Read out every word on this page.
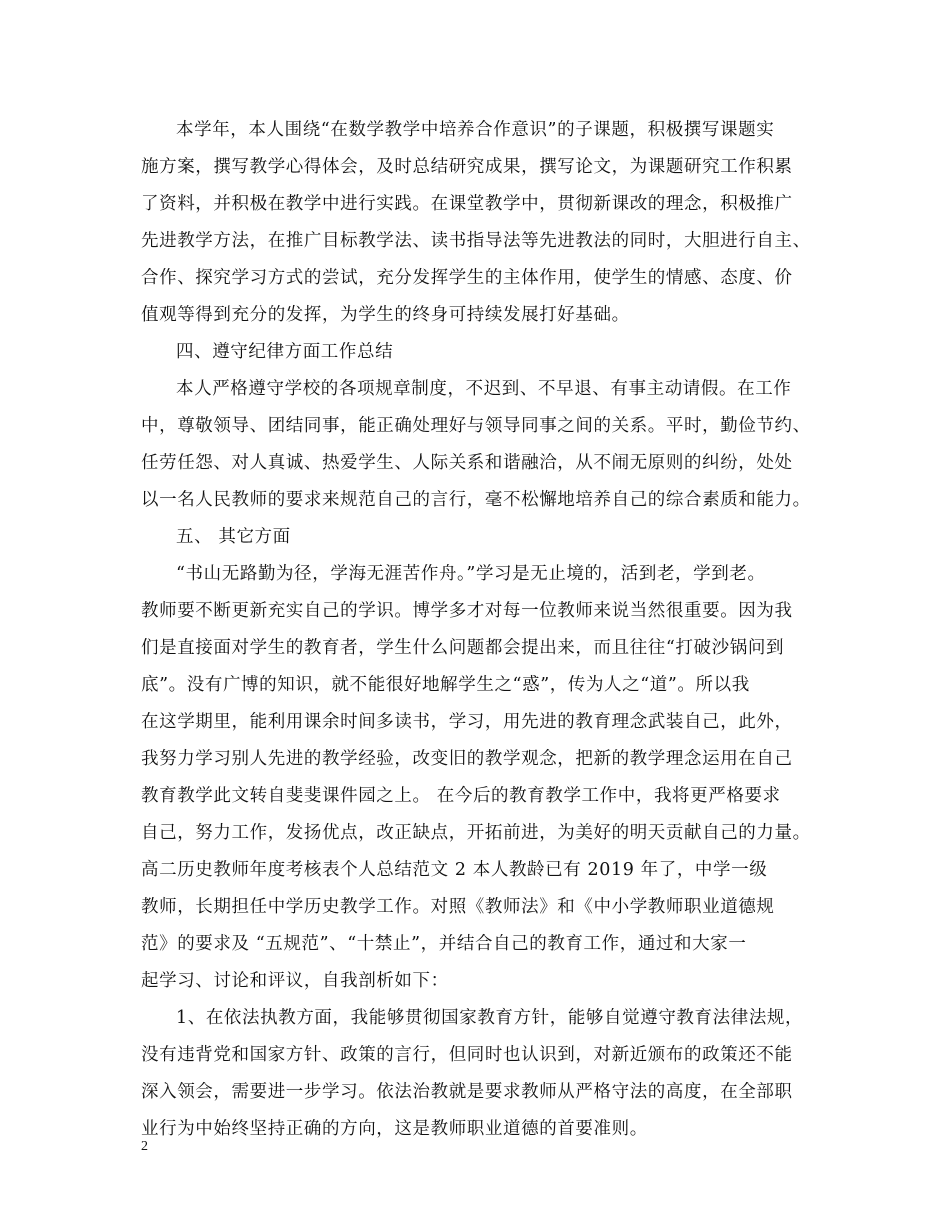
本学年，本人围绕“在数学教学中培养合作意识”的子课题，积极撰写课题实
施方案，撰写教学心得体会，及时总结研究成果，撰写论文，为课题研究工作积累
了资料，并积极在教学中进行实践。在课堂教学中，贯彻新课改的理念，积极推广
先进教学方法，在推广目标教学法、读书指导法等先进教法的同时，大胆进行自主、
合作、探究学习方式的尝试，充分发挥学生的主体作用，使学生的情感、态度、价
值观等得到充分的发挥，为学生的终身可持续发展打好基础。
四、遵守纪律方面工作总结
本人严格遵守学校的各项规章制度，不迟到、不早退、有事主动请假。在工作
中，尊敬领导、团结同事，能正确处理好与领导同事之间的关系。平时，勤俭节约、
任劳任怨、对人真诚、热爱学生、人际关系和谐融洽，从不闹无原则的纠纷，处处
以一名人民教师的要求来规范自己的言行，毫不松懈地培养自己的综合素质和能力。
五、 其它方面
“书山无路勤为径，学海无涯苦作舟。”学习是无止境的，活到老，学到老。
教师要不断更新充实自己的学识。博学多才对每一位教师来说当然很重要。因为我
们是直接面对学生的教育者，学生什么问题都会提出来，而且往往“打破沙锅问到
底”。没有广博的知识，就不能很好地解学生之“惑”，传为人之“道”。所以我
在这学期里，能利用课余时间多读书，学习，用先进的教育理念武装自己，此外，
我努力学习别人先进的教学经验，改变旧的教学观念，把新的教学理念运用在自己
教育教学此文转自斐斐课件园之上。 在今后的教育教学工作中，我将更严格要求
自己，努力工作，发扬优点，改正缺点，开拓前进，为美好的明天贡献自己的力量。
高二历史教师年度考核表个人总结范文 2 本人教龄已有 2019 年了，中学一级
教师，长期担任中学历史教学工作。对照《教师法》和《中小学教师职业道德规
范》的要求及 “五规范”、“十禁止”，并结合自己的教育工作，通过和大家一
起学习、讨论和评议，自我剖析如下：
1、在依法执教方面，我能够贯彻国家教育方针，能够自觉遵守教育法律法规，
没有违背党和国家方针、政策的言行，但同时也认识到，对新近颁布的政策还不能
深入领会，需要进一步学习。依法治教就是要求教师从严格守法的高度，在全部职
业行为中始终坚持正确的方向，这是教师职业道德的首要准则。
2
